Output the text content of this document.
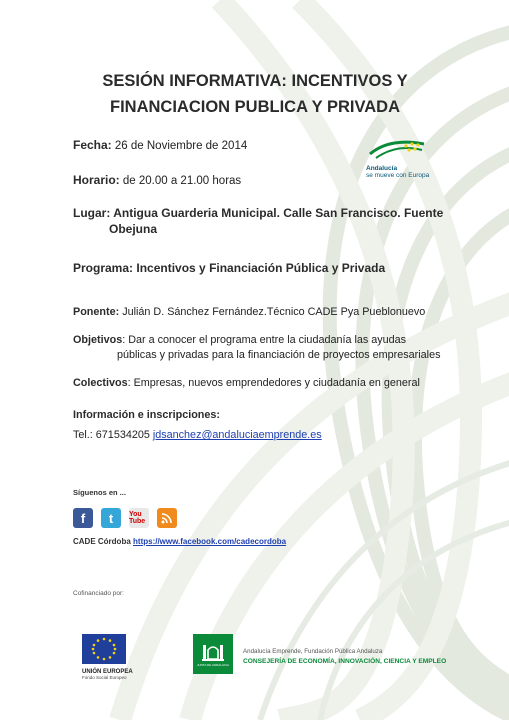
SESIÓN INFORMATIVA: INCENTIVOS Y
FINANCIACION PUBLICA Y PRIVADA
Andalucía
se mueve con Europa
Fecha: 26 de Noviembre de 2014
Horario: de 20.00 a 21.00 horas
Lugar: Antigua Guarderia Municipal. Calle San Francisco. Fuente
Obejuna
Programa: Incentivos y Financiación Pública y Privada
Ponente: Julián D. Sánchez Fernández.Técnico CADE Pya Pueblonuevo
Objetivos: Dar a conocer el programa entre la ciudadanía las ayudas
públicas y privadas para la financiación de proyectos empresariales
Colectivos: Empresas, nuevos emprendedores y ciudadanía en general
Información e inscripciones:
Tel.: 671534205 jdsanchez@andaluciaemprende.es
Síguenos en ...
f	t	You Tube
CADE Córdoba https://www.facebook.com/cadecordoba
Cofinanciado por:
UNIÓN EUROPEA
Fondo Social Europeo
JUNTA DE ANDALUCIA
Andalucía Emprende, Fundación Pública Andaluza
CONSEJERÍA DE ECONOMÍA, INNOVACIÓN, CIENCIA Y EMPLEO
